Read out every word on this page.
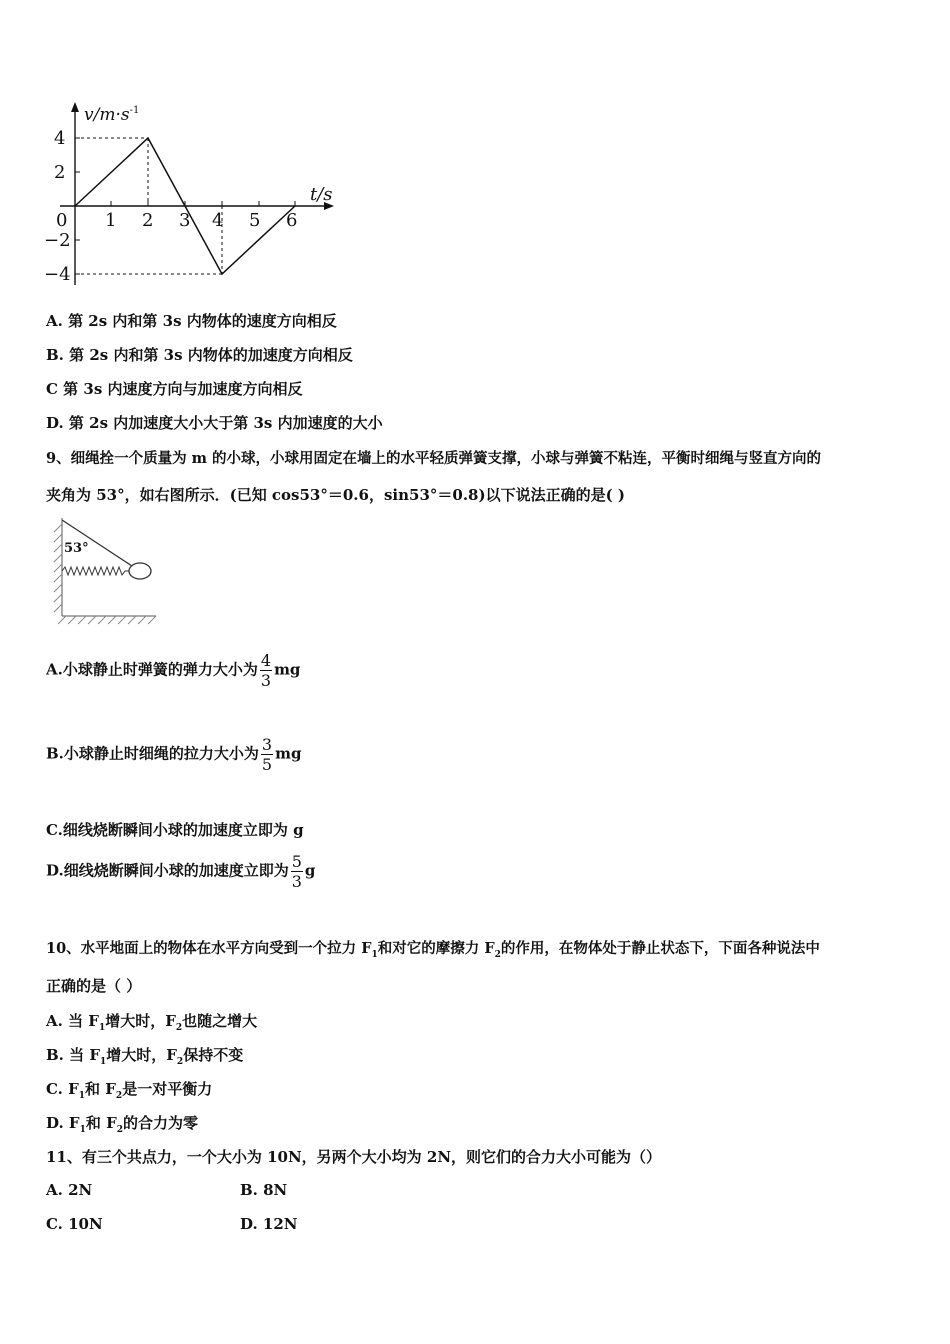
$v/m\cdot s^{-1}$
t/s
4
2
−2
−4
0 1 2 3 4 5 6
A. 第 2s 内和第 3s 内物体的速度方向相反
B. 第 2s 内和第 3s 内物体的加速度方向相反
C 第 3s 内速度方向与加速度方向相反
D. 第 2s 内加速度大小大于第 3s 内加速度的大小
9、细绳拴一个质量为 m 的小球，小球用固定在墙上的水平轻质弹簧支撑，小球与弹簧不粘连，平衡时细绳与竖直方向的
夹角为 53°，如右图所示．(已知 cos53°＝0.6，sin53°＝0.8)以下说法正确的是( )
53°
A.小球静止时弹簧的弹力大小为 $\frac{4}{3}$ mg
B.小球静止时细绳的拉力大小为 $\frac{3}{5}$ mg
C.细线烧断瞬间小球的加速度立即为 g
D.细线烧断瞬间小球的加速度立即为 $\frac{5}{3}$ g
10、水平地面上的物体在水平方向受到一个拉力 $F_1$和对它的摩擦力 $F_2$的作用，在物体处于静止状态下，下面各种说法中
正确的是（ ）
A. 当 $F_1$增大时，$F_2$也随之增大
B. 当 $F_1$增大时，$F_2$保持不变
C. $F_1$和 $F_2$是一对平衡力
D. $F_1$和 $F_2$的合力为零
11、有三个共点力，一个大小为 10N，另两个大小均为 2N，则它们的合力大小可能为（）
A. 2N	B. 8N
C. 10N	D. 12N
